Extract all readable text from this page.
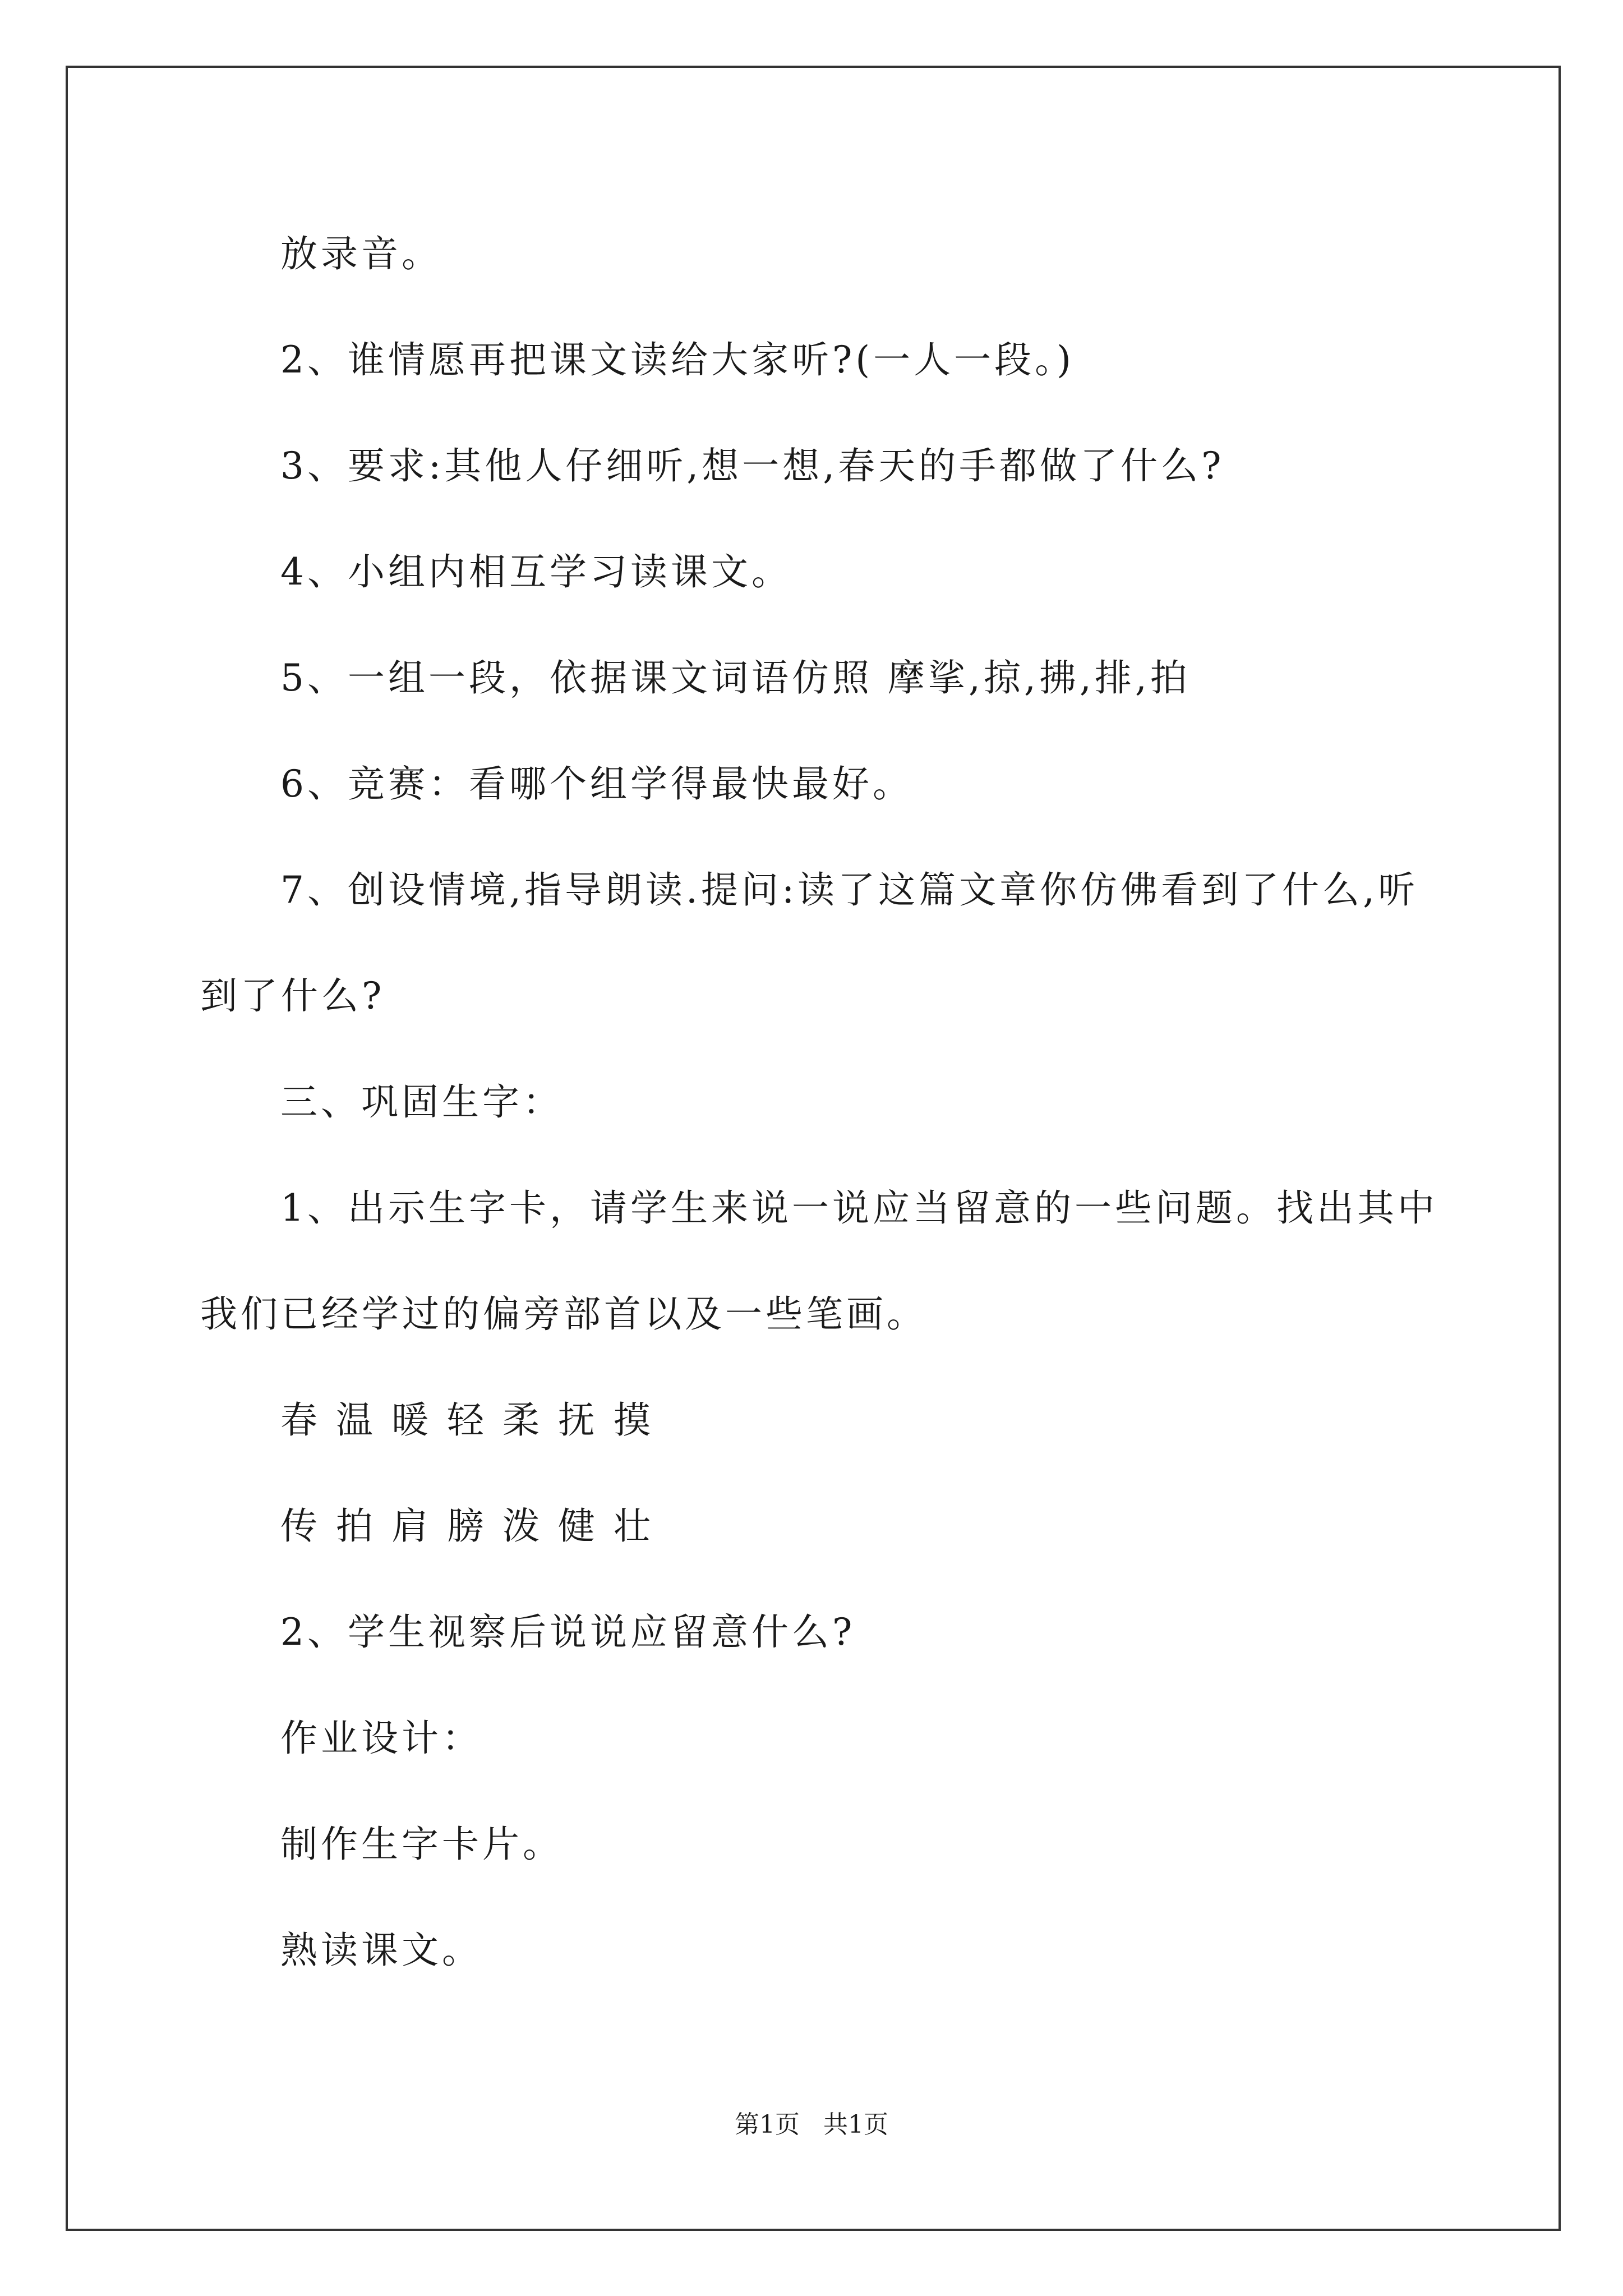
放录音。
2、谁情愿再把课文读给大家听?(一人一段。)
3、要求:其他人仔细听,想一想,春天的手都做了什么?
4、小组内相互学习读课文。
5、一组一段，依据课文词语仿照 摩挲,掠,拂,排,拍
6、竞赛：看哪个组学得最快最好。
7、创设情境,指导朗读.提问:读了这篇文章你仿佛看到了什么,听
到了什么?
三、巩固生字：
1、出示生字卡，请学生来说一说应当留意的一些问题。找出其中
我们已经学过的偏旁部首以及一些笔画。
春 温 暖 轻 柔 抚 摸
传 拍 肩 膀 泼 健 壮
2、学生视察后说说应留意什么?
作业设计：
制作生字卡片。
熟读课文。
第1页   共1页
